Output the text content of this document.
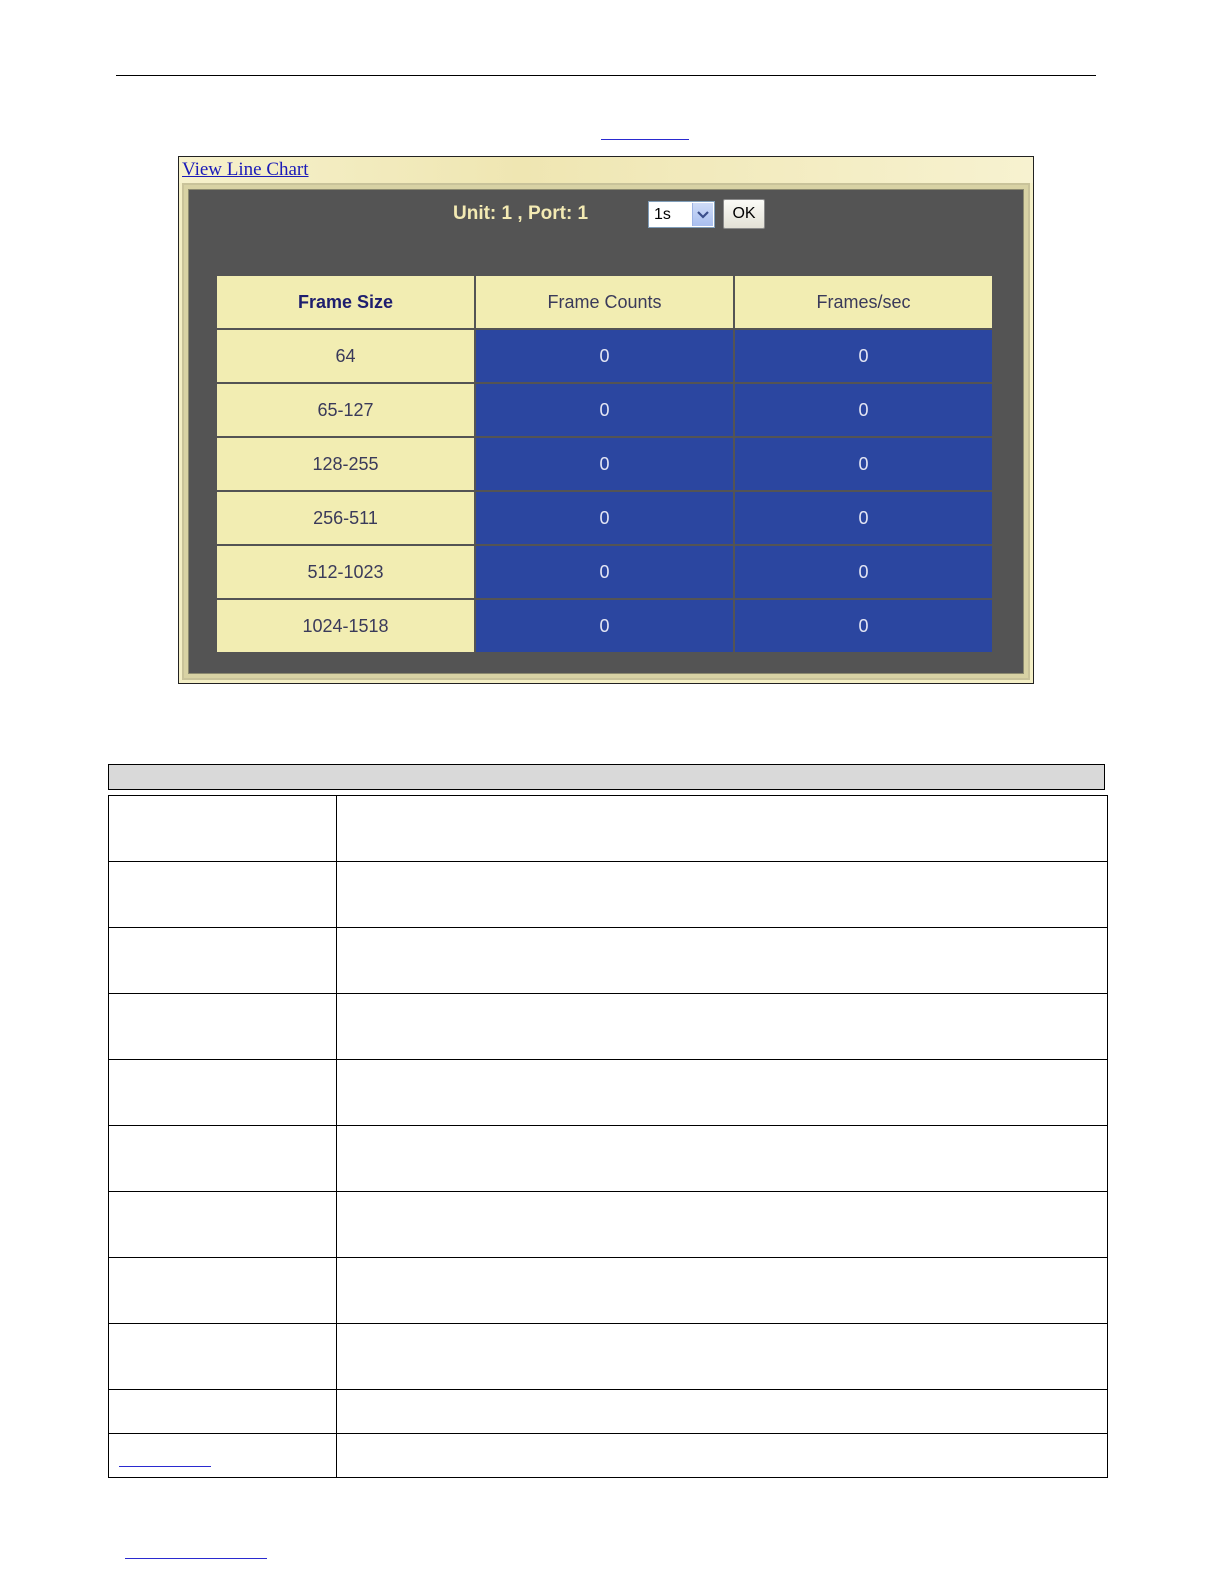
View Line Chart
Unit: 1 , Port: 1	1s	OK
Frame Size	Frame Counts	Frames/sec
64	0	0
65-127	0	0
128-255	0	0
256-511	0	0
512-1023	0	0
1024-1518	0	0
